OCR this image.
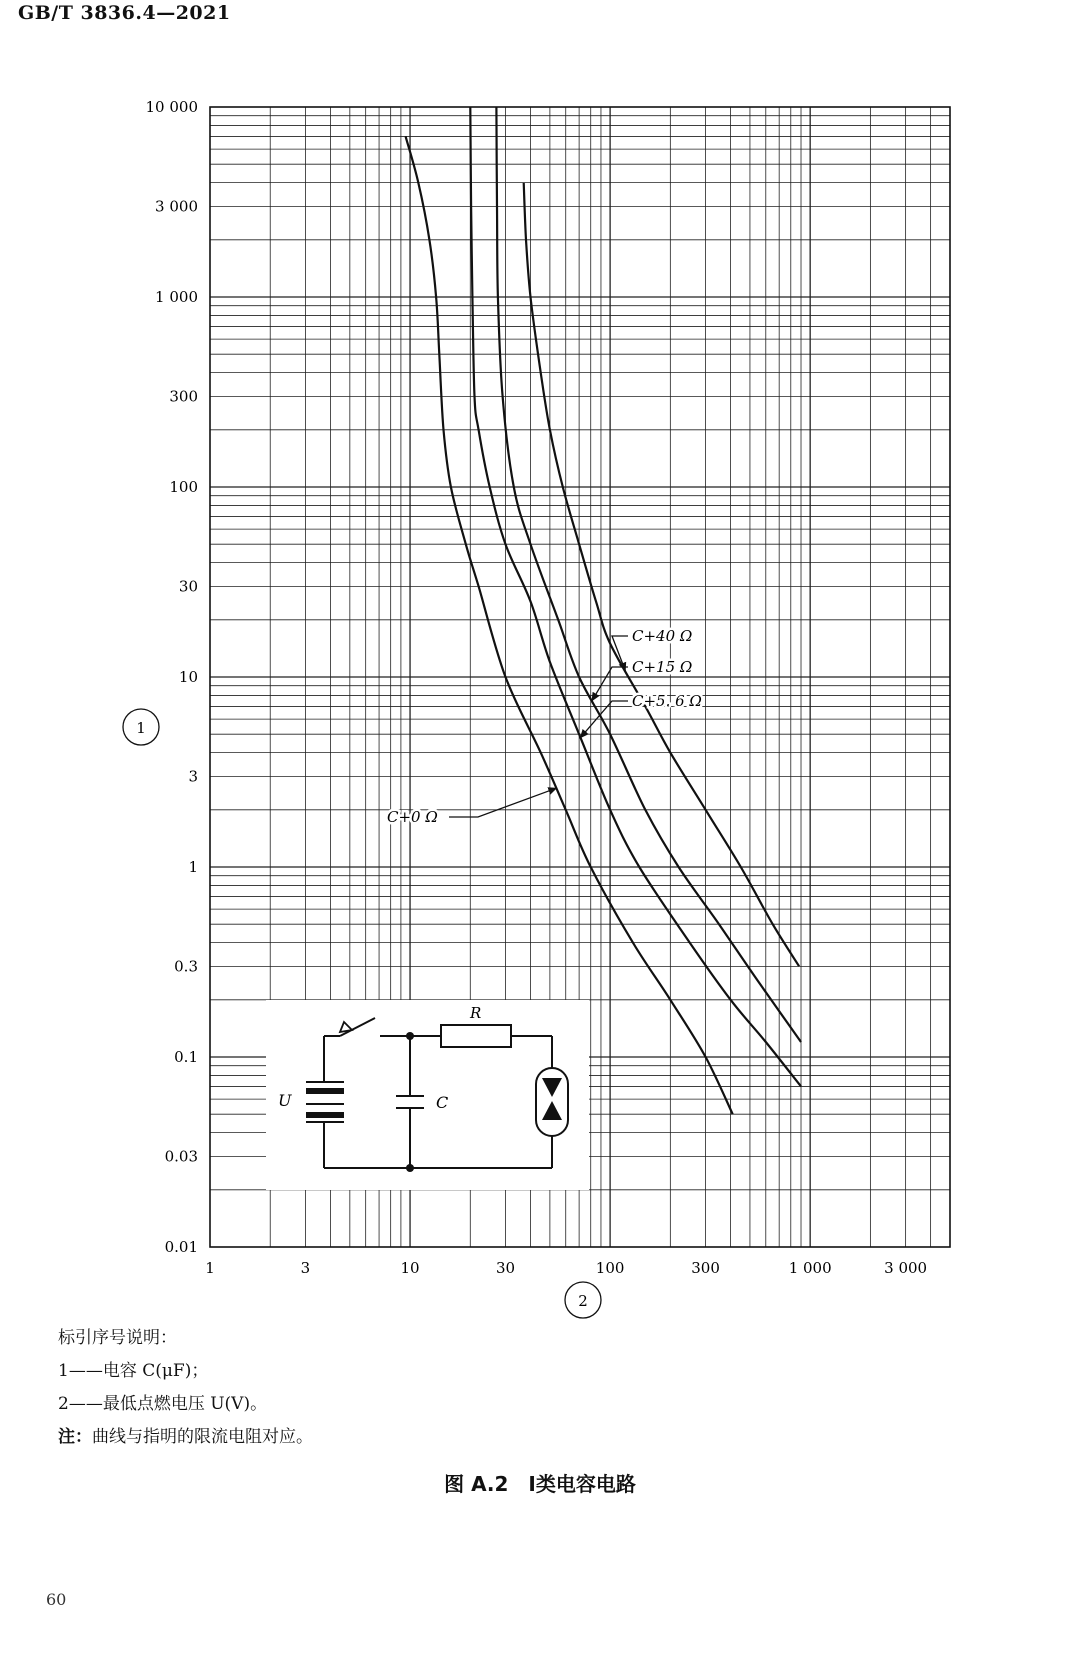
GB/T 3836.4—2021
U	C
R
1	3	10	30	100	300	1 000	3 000
0.01
0.03
0.1
0.3
1
3
10
30
100
300
1 000
3 000
10 000
1
2
C+40 Ω
C+15 Ω
C+5. 6 Ω
C+0 Ω
标引序号说明：
1——电容 C(μF)；
2——最低点燃电压 U(V)。
注：曲线与指明的限流电阻对应。
图 A.2　Ⅰ类电容电路
60
